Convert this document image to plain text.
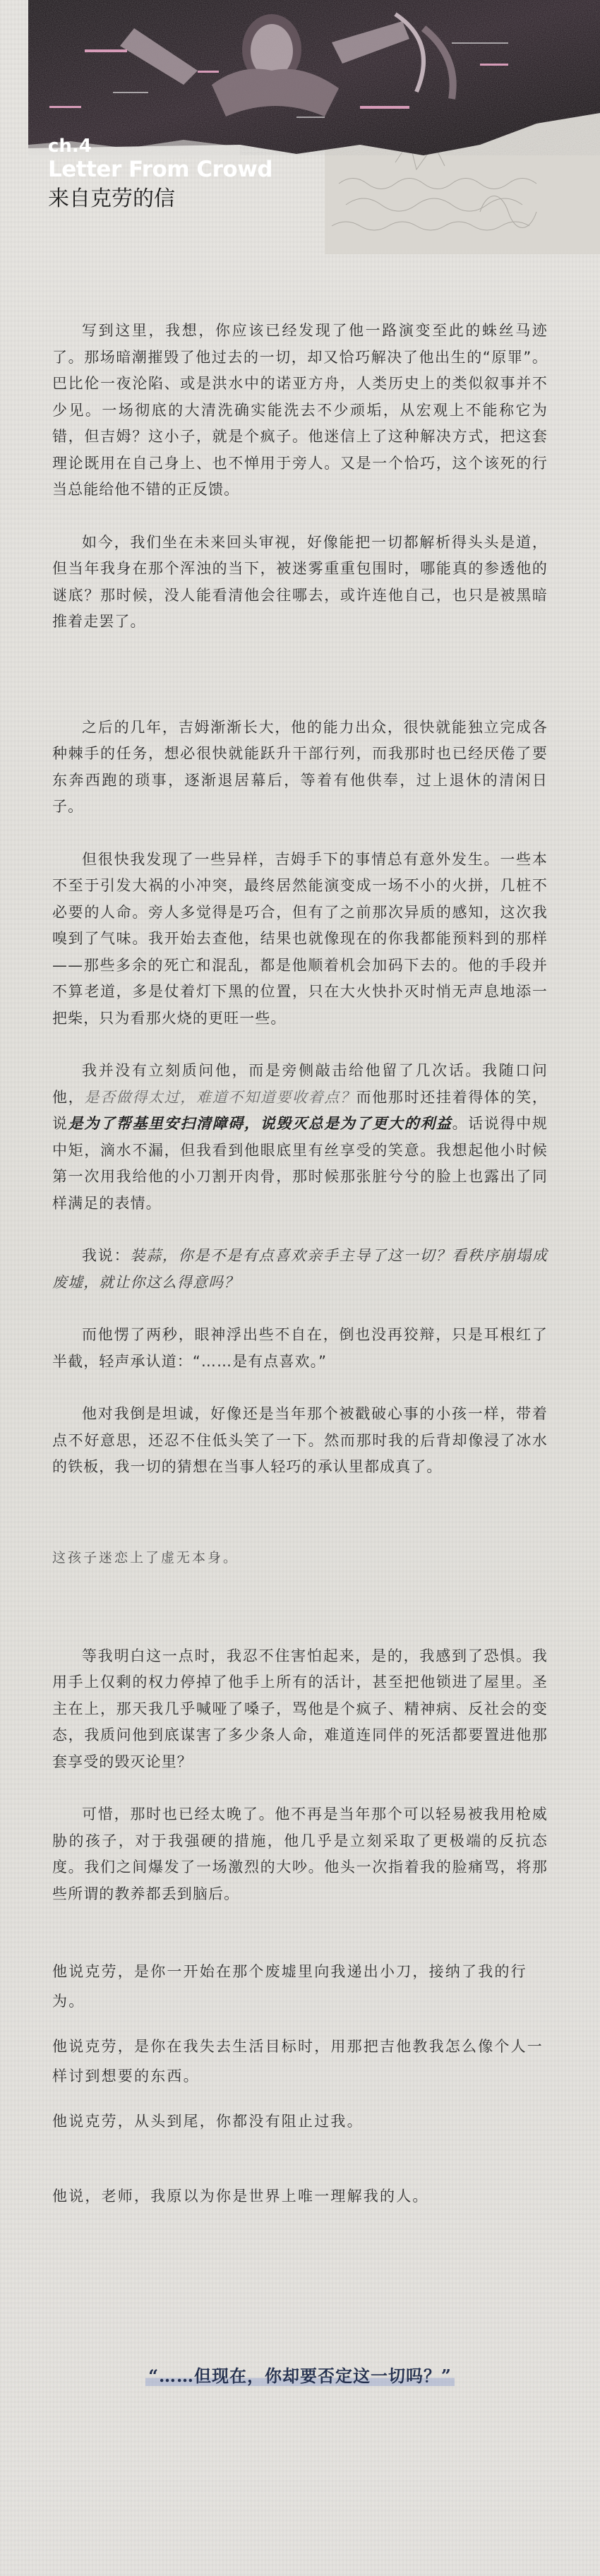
ch.4
Letter From Crowd
来自克劳的信

写到这里，我想，你应该已经发现了他一路演变至此的蛛丝马迹了。那场暗潮摧毁了他过去的一切，却又恰巧解决了他出生的“原罪”。巴比伦一夜沦陷、或是洪水中的诺亚方舟，人类历史上的类似叙事并不少见。一场彻底的大清洗确实能洗去不少顽垢，从宏观上不能称它为错，但吉姆？这小子，就是个疯子。他迷信上了这种解决方式，把这套理论既用在自己身上、也不惮用于旁人。又是一个恰巧，这个该死的行当总能给他不错的正反馈。

如今，我们坐在未来回头审视，好像能把一切都解析得头头是道，但当年我身在那个浑浊的当下，被迷雾重重包围时，哪能真的参透他的谜底？那时候，没人能看清他会往哪去，或许连他自己，也只是被黑暗推着走罢了。

之后的几年，吉姆渐渐长大，他的能力出众，很快就能独立完成各种棘手的任务，想必很快就能跃升干部行列，而我那时也已经厌倦了要东奔西跑的琐事，逐渐退居幕后，等着有他供奉，过上退休的清闲日子。

但很快我发现了一些异样，吉姆手下的事情总有意外发生。一些本不至于引发大祸的小冲突，最终居然能演变成一场不小的火拼，几桩不必要的人命。旁人多觉得是巧合，但有了之前那次异质的感知，这次我嗅到了气味。我开始去查他，结果也就像现在的你我都能预料到的那样——那些多余的死亡和混乱，都是他顺着机会加码下去的。他的手段并不算老道，多是仗着灯下黑的位置，只在大火快扑灭时悄无声息地添一把柴，只为看那火烧的更旺一些。

我并没有立刻质问他，而是旁侧敲击给他留了几次话。我随口问他，是否做得太过，难道不知道要收着点？而他那时还挂着得体的笑，说是为了帮基里安扫清障碍，说毁灭总是为了更大的利益。话说得中规中矩，滴水不漏，但我看到他眼底里有丝享受的笑意。我想起他小时候第一次用我给他的小刀割开肉骨，那时候那张脏兮兮的脸上也露出了同样满足的表情。

我说：装蒜，你是不是有点喜欢亲手主导了这一切？看秩序崩塌成废墟，就让你这么得意吗？

而他愣了两秒，眼神浮出些不自在，倒也没再狡辩，只是耳根红了半截，轻声承认道：“……是有点喜欢。”

他对我倒是坦诚，好像还是当年那个被戳破心事的小孩一样，带着点不好意思，还忍不住低头笑了一下。然而那时我的后背却像浸了冰水的铁板，我一切的猜想在当事人轻巧的承认里都成真了。

这孩子迷恋上了虚无本身。

等我明白这一点时，我忍不住害怕起来，是的，我感到了恐惧。我用手上仅剩的权力停掉了他手上所有的活计，甚至把他锁进了屋里。圣主在上，那天我几乎喊哑了嗓子，骂他是个疯子、精神病、反社会的变态，我质问他到底谋害了多少条人命，难道连同伴的死活都要置进他那套享受的毁灭论里？

可惜，那时也已经太晚了。他不再是当年那个可以轻易被我用枪威胁的孩子，对于我强硬的措施，他几乎是立刻采取了更极端的反抗态度。我们之间爆发了一场激烈的大吵。他头一次指着我的脸痛骂，将那些所谓的教养都丢到脑后。

他说克劳，是你一开始在那个废墟里向我递出小刀，接纳了我的行为。

他说克劳，是你在我失去生活目标时，用那把吉他教我怎么像个人一样讨到想要的东西。

他说克劳，从头到尾，你都没有阻止过我。

他说，老师，我原以为你是世界上唯一理解我的人。

“……但现在，你却要否定这一切吗？”
